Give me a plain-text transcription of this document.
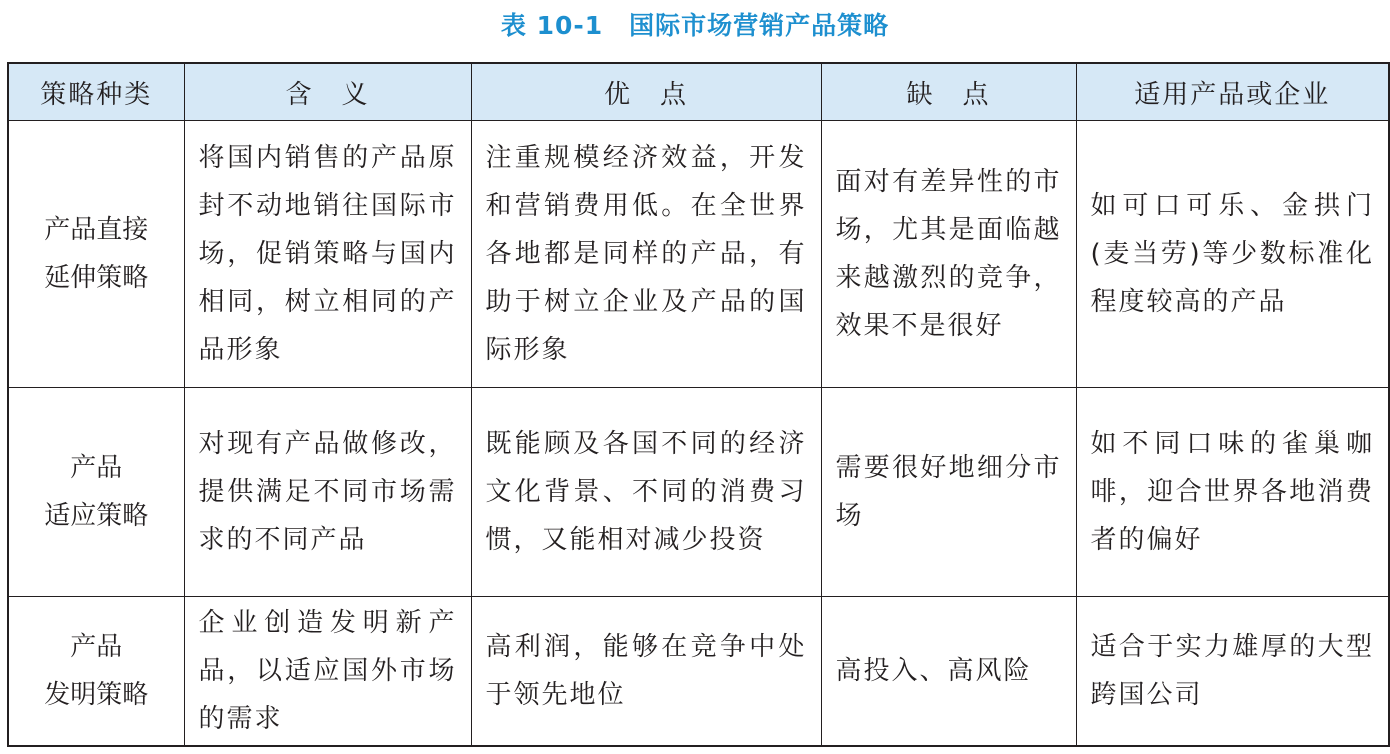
表 10-1 国际市场营销产品策略
策略种类	含　义	优　点	缺　点	适用产品或企业

产品直接
延伸策略	将国内销售的产品原封不动地销往国际市场，促销策略与国内相同，树立相同的产品形象	注重规模经济效益，开发和营销费用低。在全世界各地都是同样的产品，有助于树立企业及产品的国际形象	面对有差异性的市场，尤其是面临越来越激烈的竞争，效果不是很好	如可口可乐、金拱门(麦当劳)等少数标准化程度较高的产品

产品
适应策略	对现有产品做修改，提供满足不同市场需求的不同产品	既能顾及各国不同的经济文化背景、不同的消费习惯，又能相对减少投资	需要很好地细分市场	如不同口味的雀巢咖啡，迎合世界各地消费者的偏好

产品
发明策略	企业创造发明新产品，以适应国外市场的需求	高利润，能够在竞争中处于领先地位	高投入、高风险	适合于实力雄厚的大型跨国公司
